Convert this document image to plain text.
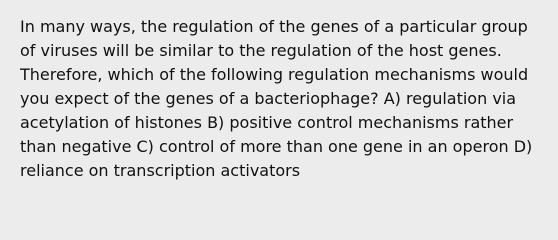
In many ways, the regulation of the genes of a particular group of viruses will be similar to the regulation of the host genes. Therefore, which of the following regulation mechanisms would you expect of the genes of a bacteriophage? A) regulation via acetylation of histones B) positive control mechanisms rather than negative C) control of more than one gene in an operon D) reliance on transcription activators
